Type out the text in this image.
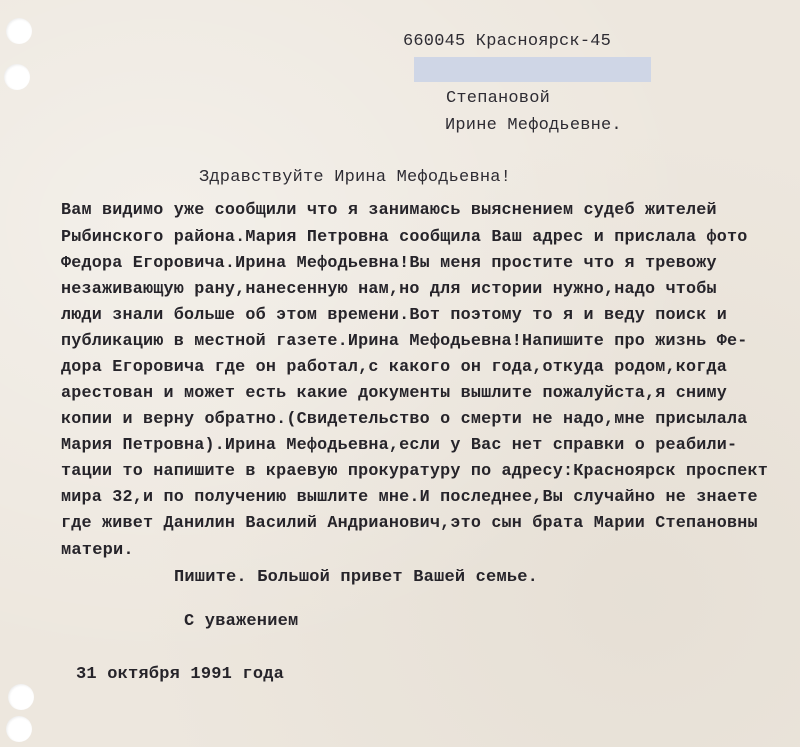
660045 Красноярск-45
Степановой
Ирине Мефодьевне.
Здравствуйте Ирина Мефодьевна!
Вам видимо уже сообщили что я занимаюсь выяснением судеб жителей
Рыбинского района.Мария Петровна сообщила Ваш адрес и прислала фото
Федора Егоровича.Ирина Мефодьевна!Вы меня простите что я тревожу
незаживающую рану,нанесенную нам,но для истории нужно,надо чтобы
люди знали больше об этом времени.Вот поэтому то я и веду поиск и
публикацию в местной газете.Ирина Мефодьевна!Напишите про жизнь Фе-
дора Егоровича где он работал,с какого он года,откуда родом,когда
арестован и может есть какие документы вышлите пожалуйста,я сниму
копии и верну обратно.(Свидетельство о смерти не надо,мне присылала
Мария Петровна).Ирина Мефодьевна,если у Вас нет справки о реабили-
тации то напишите в краевую прокуратуру по адресу:Красноярск проспект
мира 32,и по получению вышлите мне.И последнее,Вы случайно не знаете
где живет Данилин Василий Андрианович,это сын брата Марии Степановны
матери.
Пишите. Большой привет Вашей семье.
С уважением
31 октября 1991 года
